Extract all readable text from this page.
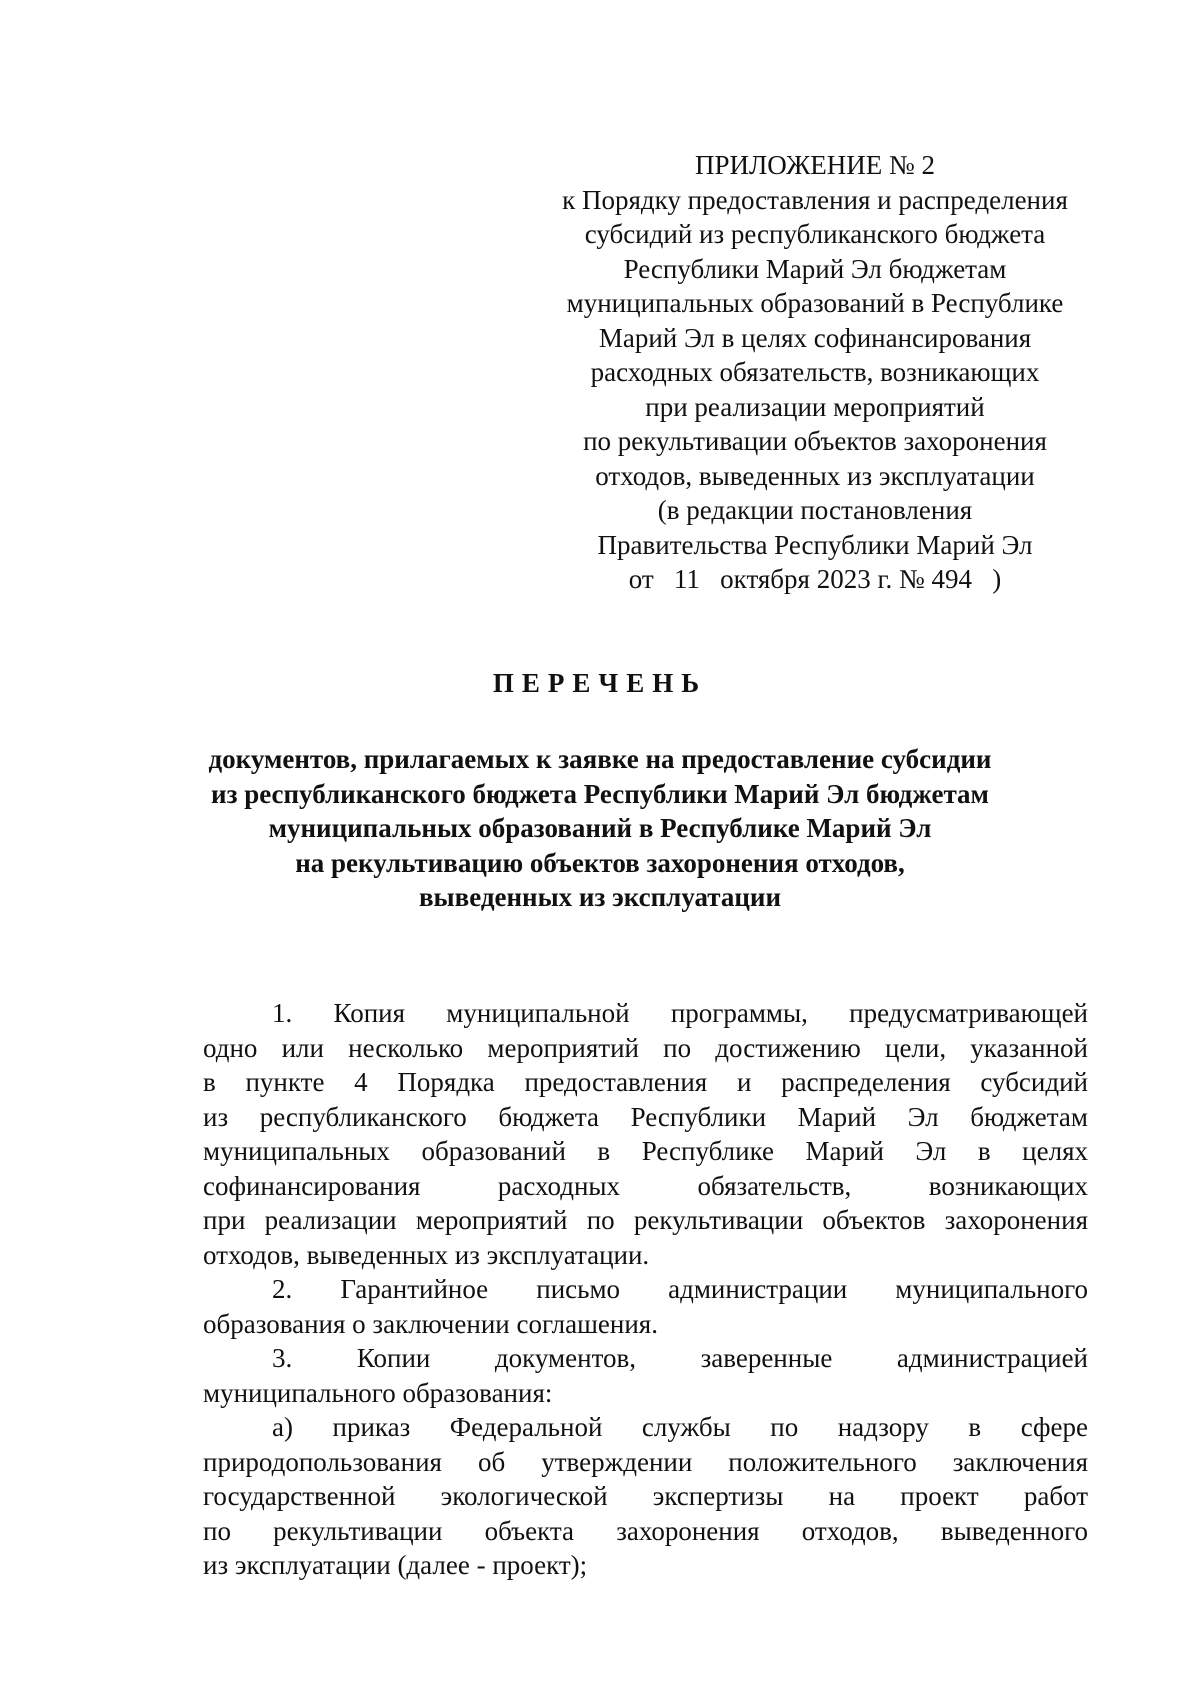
ПРИЛОЖЕНИЕ № 2
к Порядку предоставления и распределения
субсидий из республиканского бюджета
Республики Марий Эл бюджетам
муниципальных образований в Республике
Марий Эл в целях софинансирования
расходных обязательств, возникающих
при реализации мероприятий
по рекультивации объектов захоронения
отходов, выведенных из эксплуатации
(в редакции постановления
Правительства Республики Марий Эл
от   11   октября 2023 г. № 494   )
ПЕРЕЧЕНЬ
документов, прилагаемых к заявке на предоставление субсидии
из республиканского бюджета Республики Марий Эл бюджетам
муниципальных образований в Республике Марий Эл
на рекультивацию объектов захоронения отходов,
выведенных из эксплуатации
1. Копия муниципальной программы, предусматривающей
одно или несколько мероприятий по достижению цели, указанной
в пункте 4 Порядка предоставления и распределения субсидий
из республиканского бюджета Республики Марий Эл бюджетам
муниципальных образований в Республике Марий Эл в целях
софинансирования расходных обязательств, возникающих
при реализации мероприятий по рекультивации объектов захоронения
отходов, выведенных из эксплуатации.
2. Гарантийное письмо администрации муниципального
образования о заключении соглашения.
3. Копии документов, заверенные администрацией
муниципального образования:
а) приказ Федеральной службы по надзору в сфере
природопользования об утверждении положительного заключения
государственной экологической экспертизы на проект работ
по рекультивации объекта захоронения отходов, выведенного
из эксплуатации (далее - проект);
